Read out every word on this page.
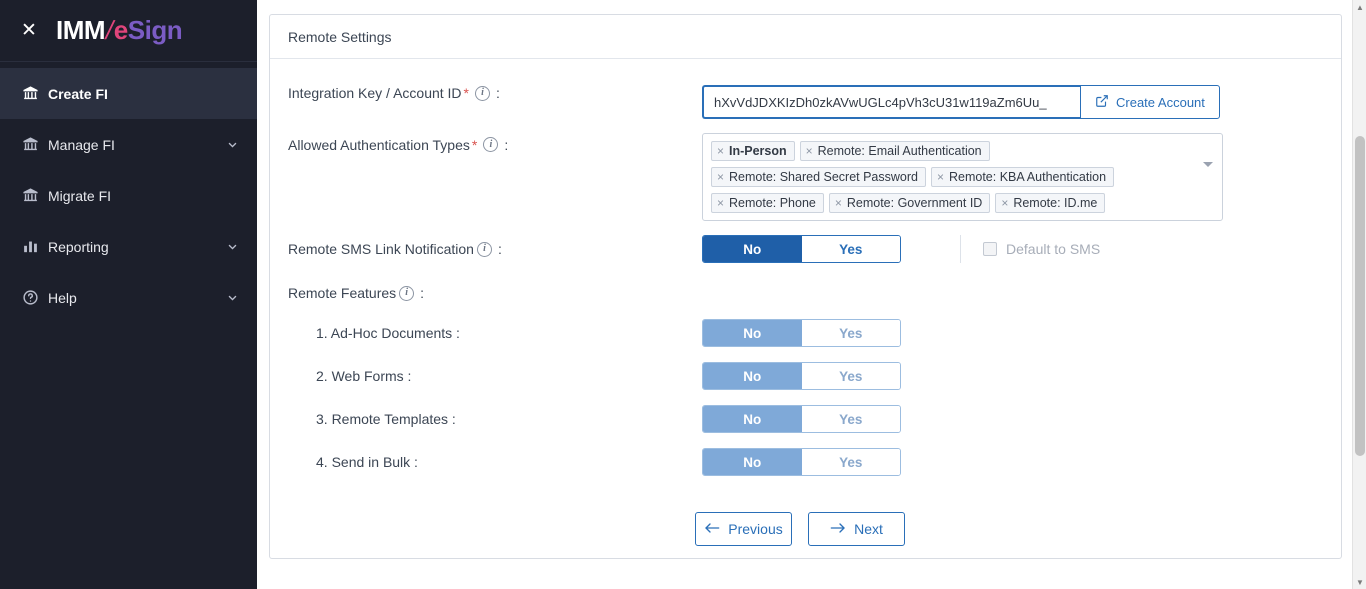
✕ IMM
/
e Sign
Create FI
Manage FI
Migrate FI
Reporting
Help
Remote Settings
Integration Key / Account ID *	i :
hXvVdJDXKIzDh0zkAVwUGLc4pVh3cU31w119aZm6Uu_
Create Account
Allowed Authentication Types *	i :	× In-Person	× Remote: Email Authentication
× Remote: Shared Secret Password	× Remote: KBA Authentication
× Remote: Phone	× Remote: Government ID	× Remote: ID.me
Remote SMS Link Notification i :	No	Yes	Default to SMS
Remote Features i :
1. Ad-Hoc Documents :	No	Yes
2. Web Forms :	No	Yes
3. Remote Templates :	No	Yes
4. Send in Bulk :	No	Yes
Previous	Next
▲
▼
